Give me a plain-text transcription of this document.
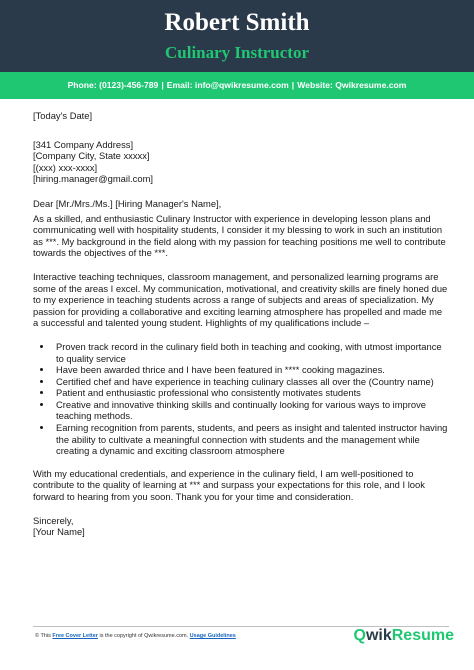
Robert Smith
Culinary Instructor
Phone: (0123)-456-789 | Email: info@qwikresume.com | Website: Qwikresume.com

[Today's Date]

[341 Company Address]

[Company City, State xxxxx]

[(xxx) xxx-xxxx]

[hiring.manager@gmail.com]

Dear [Mr./Mrs./Ms.] [Hiring Manager's Name],

As a skilled, and enthusiastic Culinary Instructor with experience in developing lesson plans and communicating well with hospitality students, I consider it my blessing to work in such an institution as ***. My background in the field along with my passion for teaching positions me well to contribute towards the objectives of the ***.

Interactive teaching techniques, classroom management, and personalized learning programs are some of the areas I excel. My communication, motivational, and creativity skills are finely honed due to my experience in teaching students across a range of subjects and areas of specialization. My passion for providing a collaborative and exciting learning atmosphere has propelled and made me a successful and talented young student. Highlights of my qualifications include –

• Proven track record in the culinary field both in teaching and cooking, with utmost importance to quality service
• Have been awarded thrice and I have been featured in **** cooking magazines.
• Certified chef and have experience in teaching culinary classes all over the (Country name)
• Patient and enthusiastic professional who consistently motivates students
• Creative and innovative thinking skills and continually looking for various ways to improve teaching methods.
• Earning recognition from parents, students, and peers as insight and talented instructor having the ability to cultivate a meaningful connection with students and the management while creating a dynamic and exciting classroom atmosphere

With my educational credentials, and experience in the culinary field, I am well-positioned to contribute to the quality of learning at *** and surpass your expectations for this role, and I look forward to hearing from you soon. Thank you for your time and consideration.

Sincerely,

[Your Name]

© This Free Cover Letter is the copyright of Qwikresume.com. Usage Guidelines	QwikResume
